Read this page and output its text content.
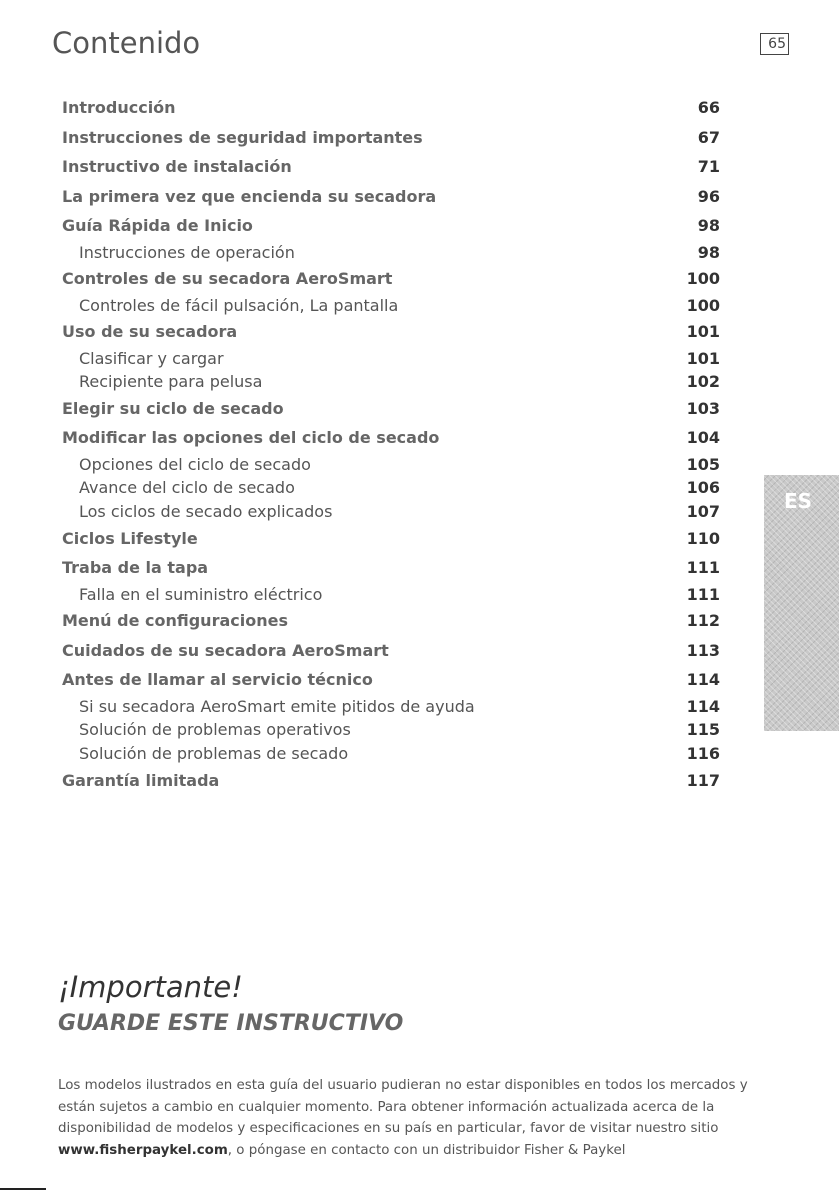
Contenido	65
Introducción	66
Instrucciones de seguridad importantes	67
Instructivo de instalación	71
La primera vez que encienda su secadora	96
Guía Rápida de Inicio	98
Instrucciones de operación	98
Controles de su secadora AeroSmart	100
Controles de fácil pulsación, La pantalla	100
Uso de su secadora	101
Clasificar y cargar	101
Recipiente para pelusa	102
Elegir su ciclo de secado	103
Modificar las opciones del ciclo de secado	104
Opciones del ciclo de secado	105
Avance del ciclo de secado	106
Los ciclos de secado explicados	107
Ciclos Lifestyle	110
Traba de la tapa	111
Falla en el suministro eléctrico	111
Menú de configuraciones	112
Cuidados de su secadora AeroSmart	113
Antes de llamar al servicio técnico	114
Si su secadora AeroSmart emite pitidos de ayuda	114
Solución de problemas operativos	115
Solución de problemas de secado	116
Garantía limitada	117
ES
¡Importante!
GUARDE ESTE INSTRUCTIVO

Los modelos ilustrados en esta guía del usuario pudieran no estar disponibles en todos los mercados y están sujetos a cambio en cualquier momento. Para obtener información actualizada acerca de la disponibilidad de modelos y especificaciones en su país en particular, favor de visitar nuestro sitio www.fisherpaykel.com, o póngase en contacto con un distribuidor Fisher & Paykel
